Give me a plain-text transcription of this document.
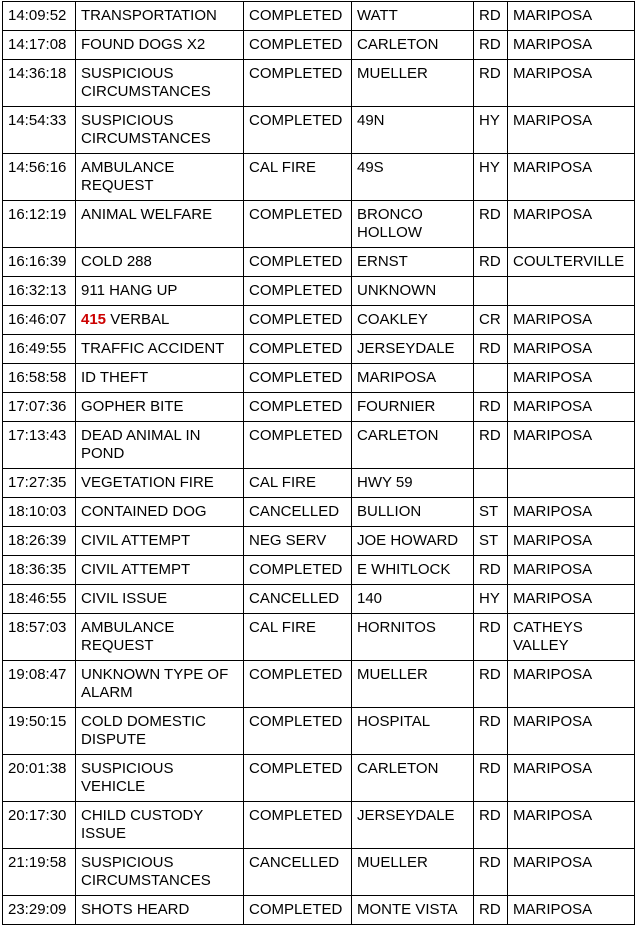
14:09:52	TRANSPORTATION	COMPLETED	WATT	RD	MARIPOSA
14:17:08	FOUND DOGS X2	COMPLETED	CARLETON	RD	MARIPOSA
14:36:18	SUSPICIOUS
CIRCUMSTANCES	COMPLETED	MUELLER	RD	MARIPOSA
14:54:33	SUSPICIOUS
CIRCUMSTANCES	COMPLETED	49N	HY	MARIPOSA
14:56:16	AMBULANCE
REQUEST	CAL FIRE	49S	HY	MARIPOSA
16:12:19	ANIMAL WELFARE	COMPLETED	BRONCO
HOLLOW	RD	MARIPOSA
16:16:39	COLD 288	COMPLETED	ERNST	RD	COULTERVILLE
16:32:13	911 HANG UP	COMPLETED	UNKNOWN		
16:46:07	415 VERBAL	COMPLETED	COAKLEY	CR	MARIPOSA
16:49:55	TRAFFIC ACCIDENT	COMPLETED	JERSEYDALE	RD	MARIPOSA
16:58:58	ID THEFT	COMPLETED	MARIPOSA		MARIPOSA
17:07:36	GOPHER BITE	COMPLETED	FOURNIER	RD	MARIPOSA
17:13:43	DEAD ANIMAL IN
POND	COMPLETED	CARLETON	RD	MARIPOSA
17:27:35	VEGETATION FIRE	CAL FIRE	HWY 59		
18:10:03	CONTAINED DOG	CANCELLED	BULLION	ST	MARIPOSA
18:26:39	CIVIL ATTEMPT	NEG SERV	JOE HOWARD	ST	MARIPOSA
18:36:35	CIVIL ATTEMPT	COMPLETED	E WHITLOCK	RD	MARIPOSA
18:46:55	CIVIL ISSUE	CANCELLED	140	HY	MARIPOSA
18:57:03	AMBULANCE
REQUEST	CAL FIRE	HORNITOS	RD	CATHEYS
VALLEY
19:08:47	UNKNOWN TYPE OF
ALARM	COMPLETED	MUELLER	RD	MARIPOSA
19:50:15	COLD DOMESTIC
DISPUTE	COMPLETED	HOSPITAL	RD	MARIPOSA
20:01:38	SUSPICIOUS
VEHICLE	COMPLETED	CARLETON	RD	MARIPOSA
20:17:30	CHILD CUSTODY
ISSUE	COMPLETED	JERSEYDALE	RD	MARIPOSA
21:19:58	SUSPICIOUS
CIRCUMSTANCES	CANCELLED	MUELLER	RD	MARIPOSA
23:29:09	SHOTS HEARD	COMPLETED	MONTE VISTA	RD	MARIPOSA
